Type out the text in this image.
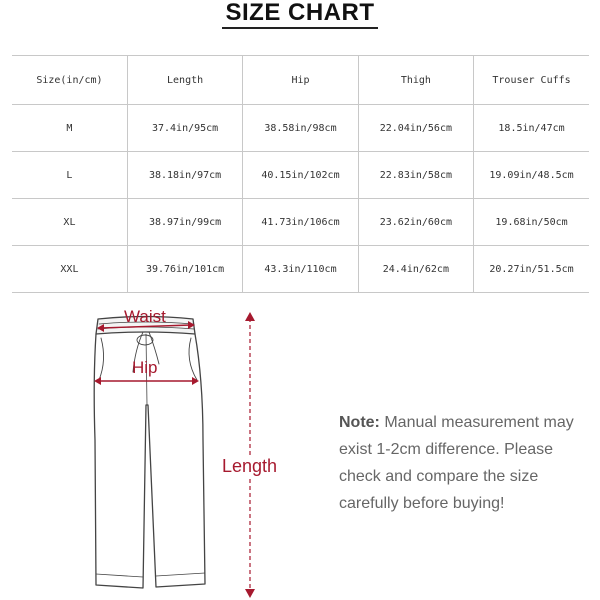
SIZE CHART
Size(in/cm)	Length	Hip	Thigh	Trouser Cuffs
M	37.4in/95cm	38.58in/98cm	22.04in/56cm	18.5in/47cm
L	38.18in/97cm	40.15in/102cm	22.83in/58cm	19.09in/48.5cm
XL	38.97in/99cm	41.73in/106cm	23.62in/60cm	19.68in/50cm
XXL	39.76in/101cm	43.3in/110cm	24.4in/62cm	20.27in/51.5cm
Waist
Hip
Length
Note: Manual measurement may exist 1-2cm difference. Please check and compare the size carefully before buying!
